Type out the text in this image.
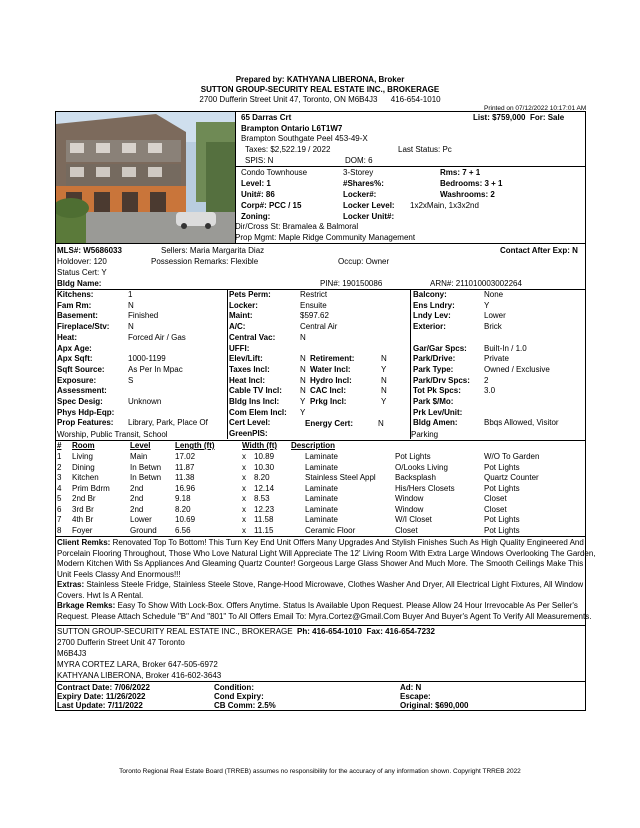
Prepared by: KATHYANA LIBERONA, Broker
SUTTON GROUP-SECURITY REAL ESTATE INC., BROKERAGE
2700 Dufferin Street Unit 47, Toronto, ON M6B4J3 416-654-1010
Printed on 07/12/2022 10:17:01 AM
65 Darras Crt	List: $759,000 For: Sale
Brampton Ontario L6T1W7
Brampton Southgate Peel 453-49-X
Taxes: $2,522.19 / 2022	Last Status: Pc
SPIS: N	DOM: 6
Condo Townhouse	3-Storey	Rms: 7 + 1
Level: 1	#Shares%:	Bedrooms: 3 + 1
Unit#: 86	Locker#:	Washrooms: 2
Corp#: PCC / 15	Locker Level: 1x2xMain, 1x3x2nd
Zoning:	Locker Unit#:
Dir/Cross St: Bramalea & Balmoral
Prop Mgmt: Maple Ridge Community Management
MLS#: W5686033	Sellers: Maria Margarita Diaz	Contact After Exp: N
Holdover: 120	Possession Remarks: Flexible	Occup: Owner
Status Cert: Y
Bldg Name:	PIN#: 190150086	ARN#: 211010003002264
Kitchens:	1
Fam Rm:	N
Basement:	Finished
Fireplace/Stv: N
Heat:	Forced Air / Gas
Apx Age:
Apx Sqft:	1000-1199
Sqft Source:	As Per In Mpac
Exposure:	S
Assessment:
Spec Desig:	Unknown
Phys Hdp-Eqp:
Prop Features: Library, Park, Place Of
Pets Perm:	Restrict
Locker:	Ensuite
Maint:	$597.62
A/C:	Central Air
Central Vac:	N
UFFI:
Elev/Lift:	N
Taxes Incl:	N
Heat Incl:	N
Cable TV Incl: N
Bldg Ins Incl:	Y
Com Elem Incl: Y
Cert Level:
GreenPIS:
Retirement:	N
Water Incl:	Y
Hydro Incl:	N
CAC Incl:	N
Prkg Incl:	Y
Balcony:	None
Ens Lndry:	Y
Lndy Lev:	Lower
Exterior:	Brick
Gar/Gar Spcs: Built-In / 1.0
Park/Drive:	Private
Park Type:	Owned / Exclusive
Park/Drv Spcs: 2
Tot Pk Spcs:	3.0
Park $/Mo:
Prk Lev/Unit:
Bldg Amen:	Bbqs Allowed, Visitor
Worship, Public Transit, School	Parking
Energy Cert:	N
# Room	Level	Length (ft)	Width (ft) Description
1 Living	Main	17.02	x 10.89	Laminate	Pot Lights	W/O To Garden
2 Dining	In Betwn 11.87	x 10.30	Laminate	O/Looks Living	Pot Lights
3 Kitchen	In Betwn 11.38	x 8.20	Stainless Steel Appl Backsplash	Quartz Counter
4 Prim Bdrm	2nd	16.96	x 12.14	Laminate	His/Hers Closets	Pot Lights
5 2nd Br	2nd	9.18	x 8.53	Laminate	Window	Closet
6 3rd Br	2nd	8.20	x 12.23	Laminate	Window	Closet
7 4th Br	Lower	10.69	x 11.58	Laminate	W/I Closet	Pot Lights
8 Foyer	Ground 6.56	x 11.15	Ceramic Floor	Closet	Pot Lights
Client Remks: Renovated Top To Bottom! This Turn Key End Unit Offers Many Upgrades And Stylish Finishes Such As High Quality Engineered And
Porcelain Flooring Throughout, Those Who Love Natural Light Will Appreciate The 12' Living Room With Extra Large Windows Overlooking The Garden,
Modern Kitchen With Ss Appliances And Gleaming Quartz Counter! Gorgeous Large Glass Shower And Much More. The Smooth Ceilings Make This
Unit Feels Classy And Enormous!!!
Extras: Stainless Steele Fridge, Stainless Steele Stove, Range-Hood Microwave, Clothes Washer And Dryer, All Electrical Light Fixtures, All Window
Covers. Hwt Is A Rental.
Brkage Remks: Easy To Show With Lock-Box. Offers Anytime. Status Is Available Upon Request. Please Allow 24 Hour Irrevocable As Per Seller's
Request. Please Attach Schedule "B" And "801" To All Offers Email To: Myra.Cortez@Gmail.Com Buyer And Buyer's Agent To Verify All Measurements.
SUTTON GROUP-SECURITY REAL ESTATE INC., BROKERAGE Ph: 416-654-1010 Fax: 416-654-7232
2700 Dufferin Street Unit 47 Toronto
M6B4J3
MYRA CORTEZ LARA, Broker 647-505-6972
KATHYANA LIBERONA, Broker 416-602-3643
Contract Date: 7/06/2022	Condition:	Ad: N
Expiry Date: 11/26/2022	Cond Expiry:	Escape:
Last Update: 7/11/2022	CB Comm: 2.5%	Original: $690,000
Toronto Regional Real Estate Board (TRREB) assumes no responsibility for the accuracy of any information shown. Copyright TRREB 2022
